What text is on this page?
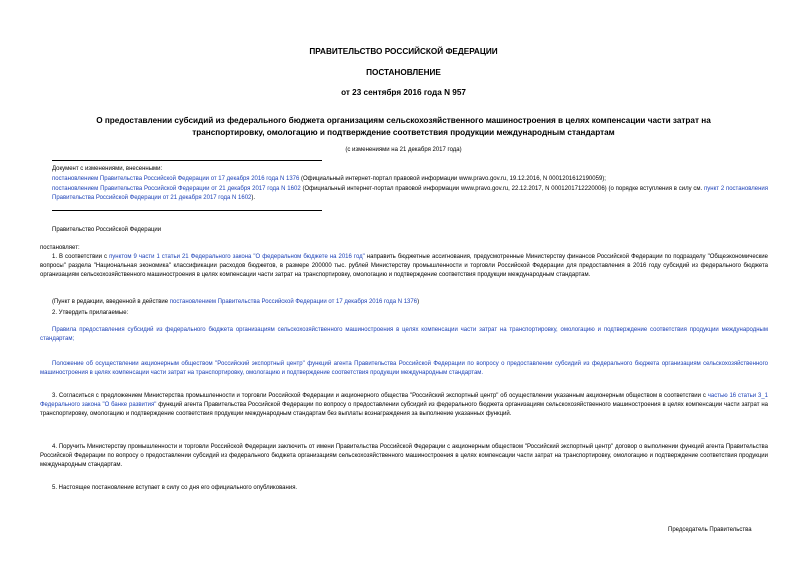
ПРАВИТЕЛЬСТВО РОССИЙСКОЙ ФЕДЕРАЦИИ
ПОСТАНОВЛЕНИЕ
от 23 сентября 2016 года N 957
О предоставлении субсидий из федерального бюджета организациям сельскохозяйственного машиностроения в целях компенсации части затрат на транспортировку, омологацию и подтверждение соответствия продукции международным стандартам
(с изменениями на 21 декабря 2017 года)
Документ с изменениями, внесенными:
постановлением Правительства Российской Федерации от 17 декабря 2016 года N 1376 (Официальный интернет-портал правовой информации www.pravo.gov.ru, 19.12.2016, N 0001201612190059);
постановлением Правительства Российской Федерации от 21 декабря 2017 года N 1602 (Официальный интернет-портал правовой информации www.pravo.gov.ru, 22.12.2017, N 0001201712220006) (о порядке вступления в силу см. пункт 2 постановления Правительства Российской Федерации от 21 декабря 2017 года N 1602).
Правительство Российской Федерации
постановляет:
1. В соответствии с пунктом 9 части 1 статьи 21 Федерального закона "О федеральном бюджете на 2016 год" направить бюджетные ассигнования, предусмотренные Министерству финансов Российской Федерации по подразделу "Общеэкономические вопросы" раздела "Национальная экономика" классификации расходов бюджетов, в размере 200000 тыс. рублей Министерству промышленности и торговли Российской Федерации для предоставления в 2016 году субсидий из федерального бюджета организациям сельскохозяйственного машиностроения в целях компенсации части затрат на транспортировку, омологацию и подтверждение соответствия продукции международным стандартам.
(Пункт в редакции, введенной в действие постановлением Правительства Российской Федерации от 17 декабря 2016 года N 1376)
2. Утвердить прилагаемые:
Правила предоставления субсидий из федерального бюджета организациям сельскохозяйственного машиностроения в целях компенсации части затрат на транспортировку, омологацию и подтверждение соответствия продукции международным стандартам;
Положение об осуществлении акционерным обществом "Российский экспортный центр" функций агента Правительства Российской Федерации по вопросу о предоставлении субсидий из федерального бюджета организациям сельскохозяйственного машиностроения в целях компенсации части затрат на транспортировку, омологацию и подтверждение соответствия продукции международным стандартам.
3. Согласиться с предложением Министерства промышленности и торговли Российской Федерации и акционерного общества "Российский экспортный центр" об осуществлении указанным акционерным обществом в соответствии с частью 16 статьи 3_1 Федерального закона "О банке развития" функций агента Правительства Российской Федерации по вопросу о предоставлении субсидий из федерального бюджета организациям сельскохозяйственного машиностроения в целях компенсации части затрат на транспортировку, омологацию и подтверждение соответствия продукции международным стандартам без выплаты вознаграждения за выполнение указанных функций.
4. Поручить Министерству промышленности и торговли Российской Федерации заключить от имени Правительства Российской Федерации с акционерным обществом "Российский экспортный центр" договор о выполнении функций агента Правительства Российской Федерации по вопросу о предоставлении субсидий из федерального бюджета организациям сельскохозяйственного машиностроения в целях компенсации части затрат на транспортировку, омологацию и подтверждение соответствия продукции международным стандартам.
5. Настоящее постановление вступает в силу со дня его официального опубликования.
Председатель Правительства
